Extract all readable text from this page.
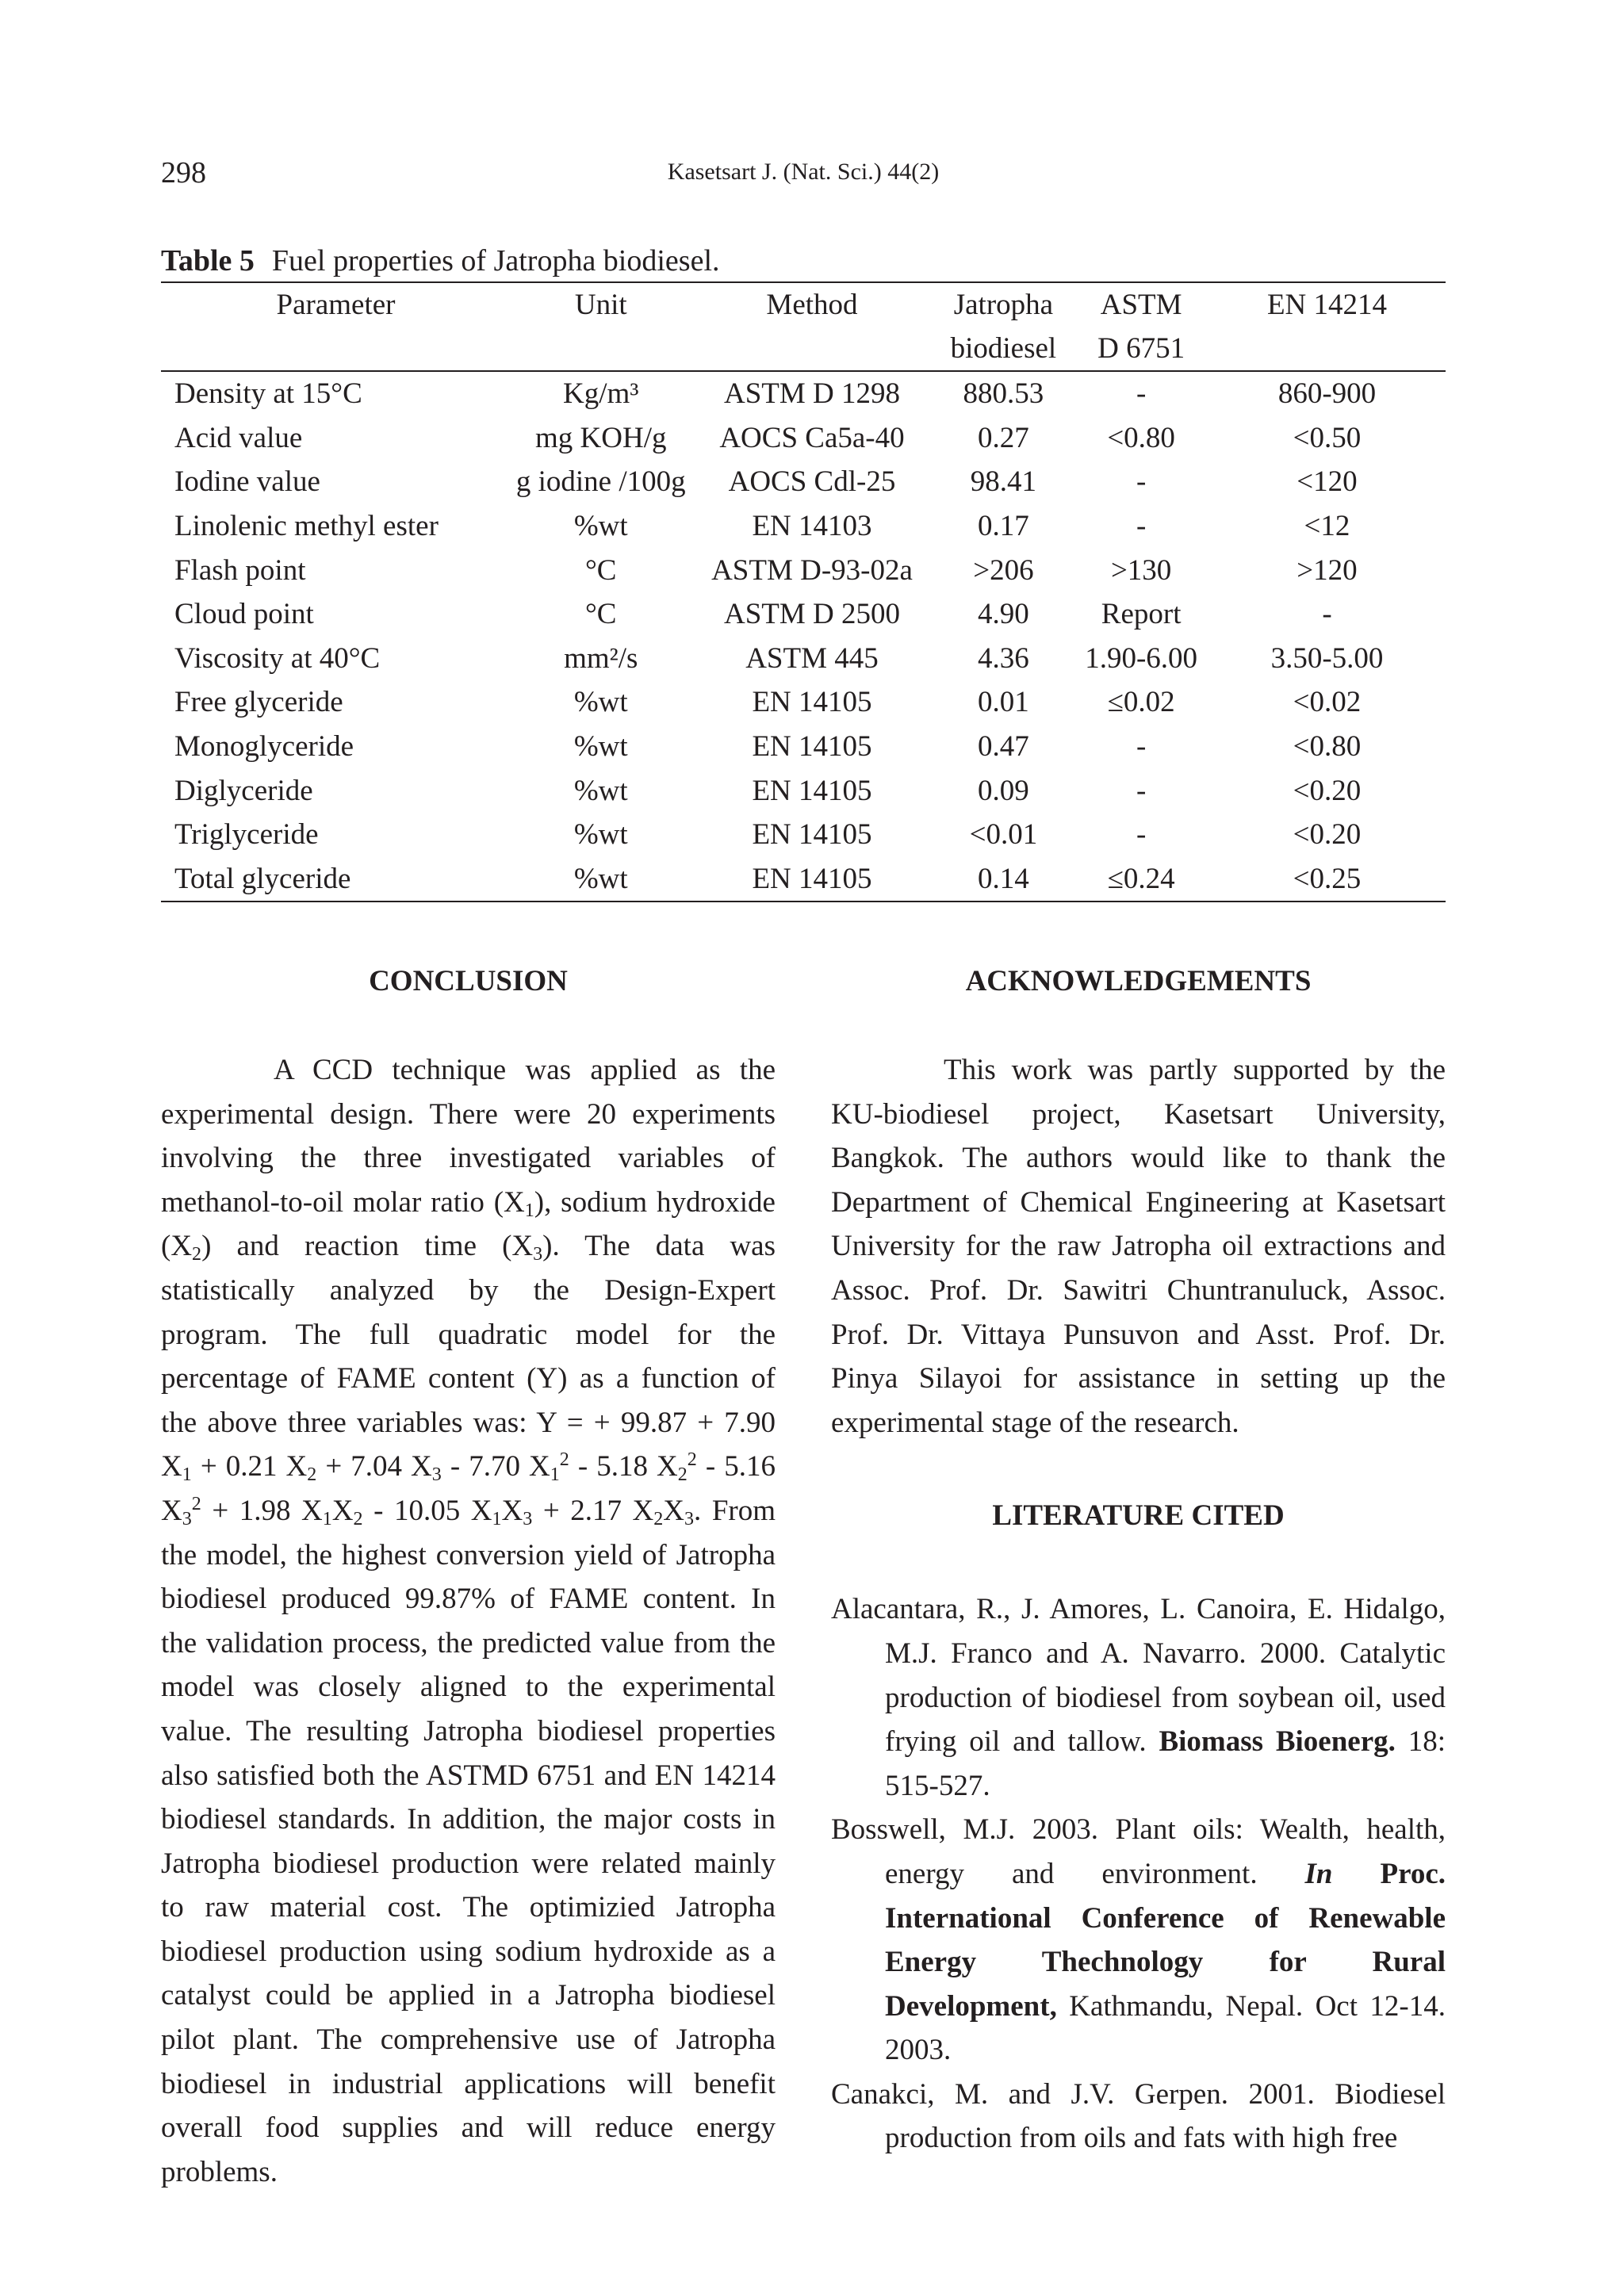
298	Kasetsart J. (Nat. Sci.) 44(2)
Table 5 Fuel properties of Jatropha biodiesel.
Parameter	Unit	Method	Jatropha	ASTM	EN 14214
			biodiesel	D 6751	
Density at 15°C	Kg/m³	ASTM D 1298	880.53	-	860-900
Acid value	mg KOH/g	AOCS Ca5a-40	0.27	<0.80	<0.50
Iodine value	g iodine /100g	AOCS Cdl-25	98.41	-	<120
Linolenic methyl ester	%wt	EN 14103	0.17	-	<12
Flash point	°C	ASTM D-93-02a	>206	>130	>120
Cloud point	°C	ASTM D 2500	4.90	Report	-
Viscosity at 40°C	mm²/s	ASTM 445	4.36	1.90-6.00	3.50-5.00
Free glyceride	%wt	EN 14105	0.01	≤0.02	<0.02
Monoglyceride	%wt	EN 14105	0.47	-	<0.80
Diglyceride	%wt	EN 14105	0.09	-	<0.20
Triglyceride	%wt	EN 14105	<0.01	-	<0.20
Total glyceride	%wt	EN 14105	0.14	≤0.24	<0.25
CONCLUSION

A CCD technique was applied as the experimental design. There were 20 experiments involving the three investigated variables of methanol-to-oil molar ratio $(X_1)$, sodium hydroxide $(X_2)$ and reaction time $(X_3)$. The data was statistically analyzed by the Design-Expert program. The full quadratic model for the percentage of FAME content (Y) as a function of the above three variables was: Y = + 99.87 + 7.90 $X_1 + 0.21$ $X_2 + 7.04$ $X_3 - 7.70$ $X_1^2 - 5.18$ $X_2^2 - 5.16$ $X_3^2 + 1.98$ $X_1X_2 - 10.05$ $X_1X_3 + 2.17$ $X_2X_3$. From the model, the highest conversion yield of Jatropha biodiesel produced 99.87% of FAME content. In the validation process, the predicted value from the model was closely aligned to the experimental value. The resulting Jatropha biodiesel properties also satisfied both the ASTMD 6751 and EN 14214 biodiesel standards. In addition, the major costs in Jatropha biodiesel production were related mainly to raw material cost. The optimizied Jatropha biodiesel production using sodium hydroxide as a catalyst could be applied in a Jatropha biodiesel pilot plant. The comprehensive use of Jatropha biodiesel in industrial applications will benefit overall food supplies and will reduce energy problems.

ACKNOWLEDGEMENTS

This work was partly supported by the KU-biodiesel project, Kasetsart University, Bangkok. The authors would like to thank the Department of Chemical Engineering at Kasetsart University for the raw Jatropha oil extractions and Assoc. Prof. Dr. Sawitri Chuntranuluck, Assoc. Prof. Dr. Vittaya Punsuvon and Asst. Prof. Dr. Pinya Silayoi for assistance in setting up the experimental stage of the research.

LITERATURE CITED

Alacantara, R., J. Amores, L. Canoira, E. Hidalgo, M.J. Franco and A. Navarro. 2000. Catalytic production of biodiesel from soybean oil, used frying oil and tallow. Biomass Bioenerg. 18: 515-527.

Bosswell, M.J. 2003. Plant oils: Wealth, health, energy and environment. In Proc. International Conference of Renewable Energy Thechnology for Rural Development, Kathmandu, Nepal. Oct 12-14. 2003.

Canakci, M. and J.V. Gerpen. 2001. Biodiesel production from oils and fats with high free
